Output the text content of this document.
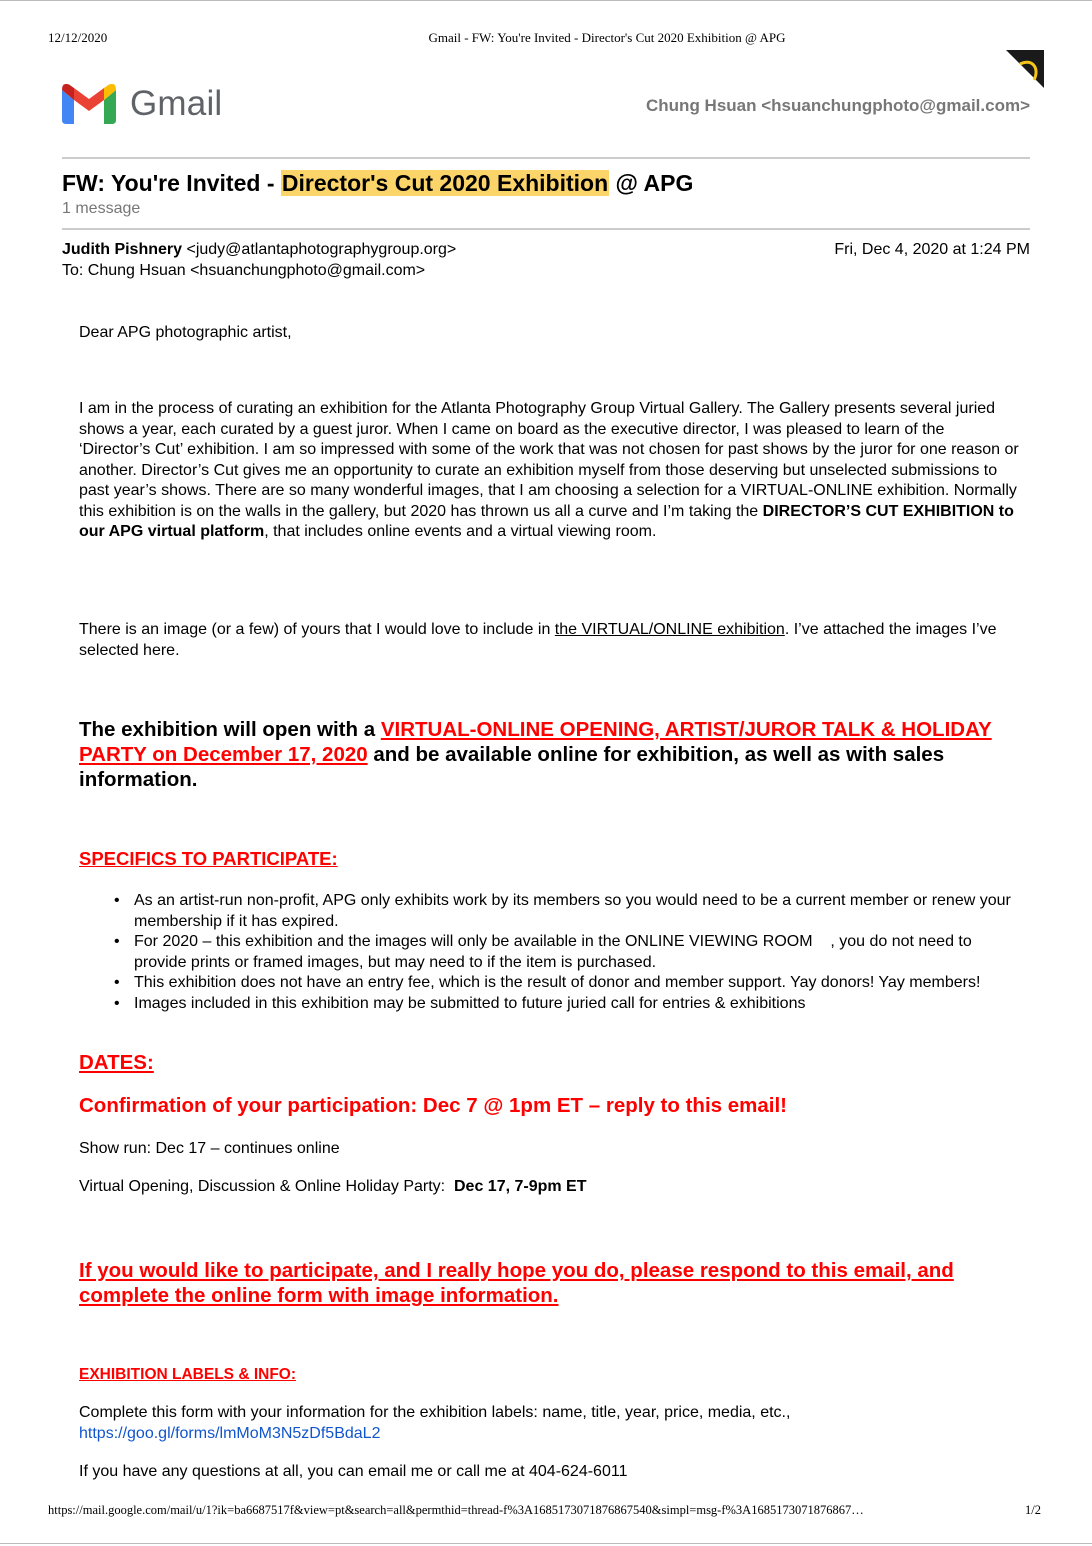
12/12/2020	Gmail - FW: You're Invited - Director's Cut 2020 Exhibition @ APG
Gmail	Chung Hsuan <hsuanchungphoto@gmail.com>
FW: You're Invited - Director's Cut 2020 Exhibition @ APG
1 message
Judith Pishnery <judy@atlantaphotographygroup.org>
To: Chung Hsuan <hsuanchungphoto@gmail.com>
Fri, Dec 4, 2020 at 1:24 PM
Dear APG photographic artist,
I am in the process of curating an exhibition for the Atlanta Photography Group Virtual Gallery. The Gallery presents several juried shows a year, each curated by a guest juror. When I came on board as the executive director, I was pleased to learn of the ‘Director’s Cut’ exhibition. I am so impressed with some of the work that was not chosen for past shows by the juror for one reason or another. Director’s Cut gives me an opportunity to curate an exhibition myself from those deserving but unselected submissions to past year’s shows. There are so many wonderful images, that I am choosing a selection for a VIRTUAL-ONLINE exhibition. Normally this exhibition is on the walls in the gallery, but 2020 has thrown us all a curve and I’m taking the DIRECTOR’S CUT EXHIBITION to our APG virtual platform, that includes online events and a virtual viewing room.
There is an image (or a few) of yours that I would love to include in the VIRTUAL/ONLINE exhibition. I’ve attached the images I’ve selected here.
The exhibition will open with a VIRTUAL-ONLINE OPENING, ARTIST/JUROR TALK & HOLIDAY PARTY on December 17, 2020 and be available online for exhibition, as well as with sales information.
SPECIFICS TO PARTICIPATE:
• As an artist-run non-profit, APG only exhibits work by its members so you would need to be a current member or renew your membership if it has expired.
• For 2020 – this exhibition and the images will only be available in the ONLINE VIEWING ROOM    , you do not need to provide prints or framed images, but may need to if the item is purchased.
• This exhibition does not have an entry fee, which is the result of donor and member support. Yay donors! Yay members!
• Images included in this exhibition may be submitted to future juried call for entries & exhibitions
DATES:
Confirmation of your participation: Dec 7 @ 1pm ET – reply to this email!
Show run: Dec 17 – continues online
Virtual Opening, Discussion & Online Holiday Party:  Dec 17, 7-9pm ET
If you would like to participate, and I really hope you do, please respond to this email, and complete the online form with image information.
EXHIBITION LABELS & INFO:
Complete this form with your information for the exhibition labels: name, title, year, price, media, etc.,
https://goo.gl/forms/lmMoM3N5zDf5BdaL2
If you have any questions at all, you can email me or call me at 404-624-6011
https://mail.google.com/mail/u/1?ik=ba6687517f&view=pt&search=all&permthid=thread-f%3A1685173071876867540&simpl=msg-f%3A1685173071876867…	1/2
